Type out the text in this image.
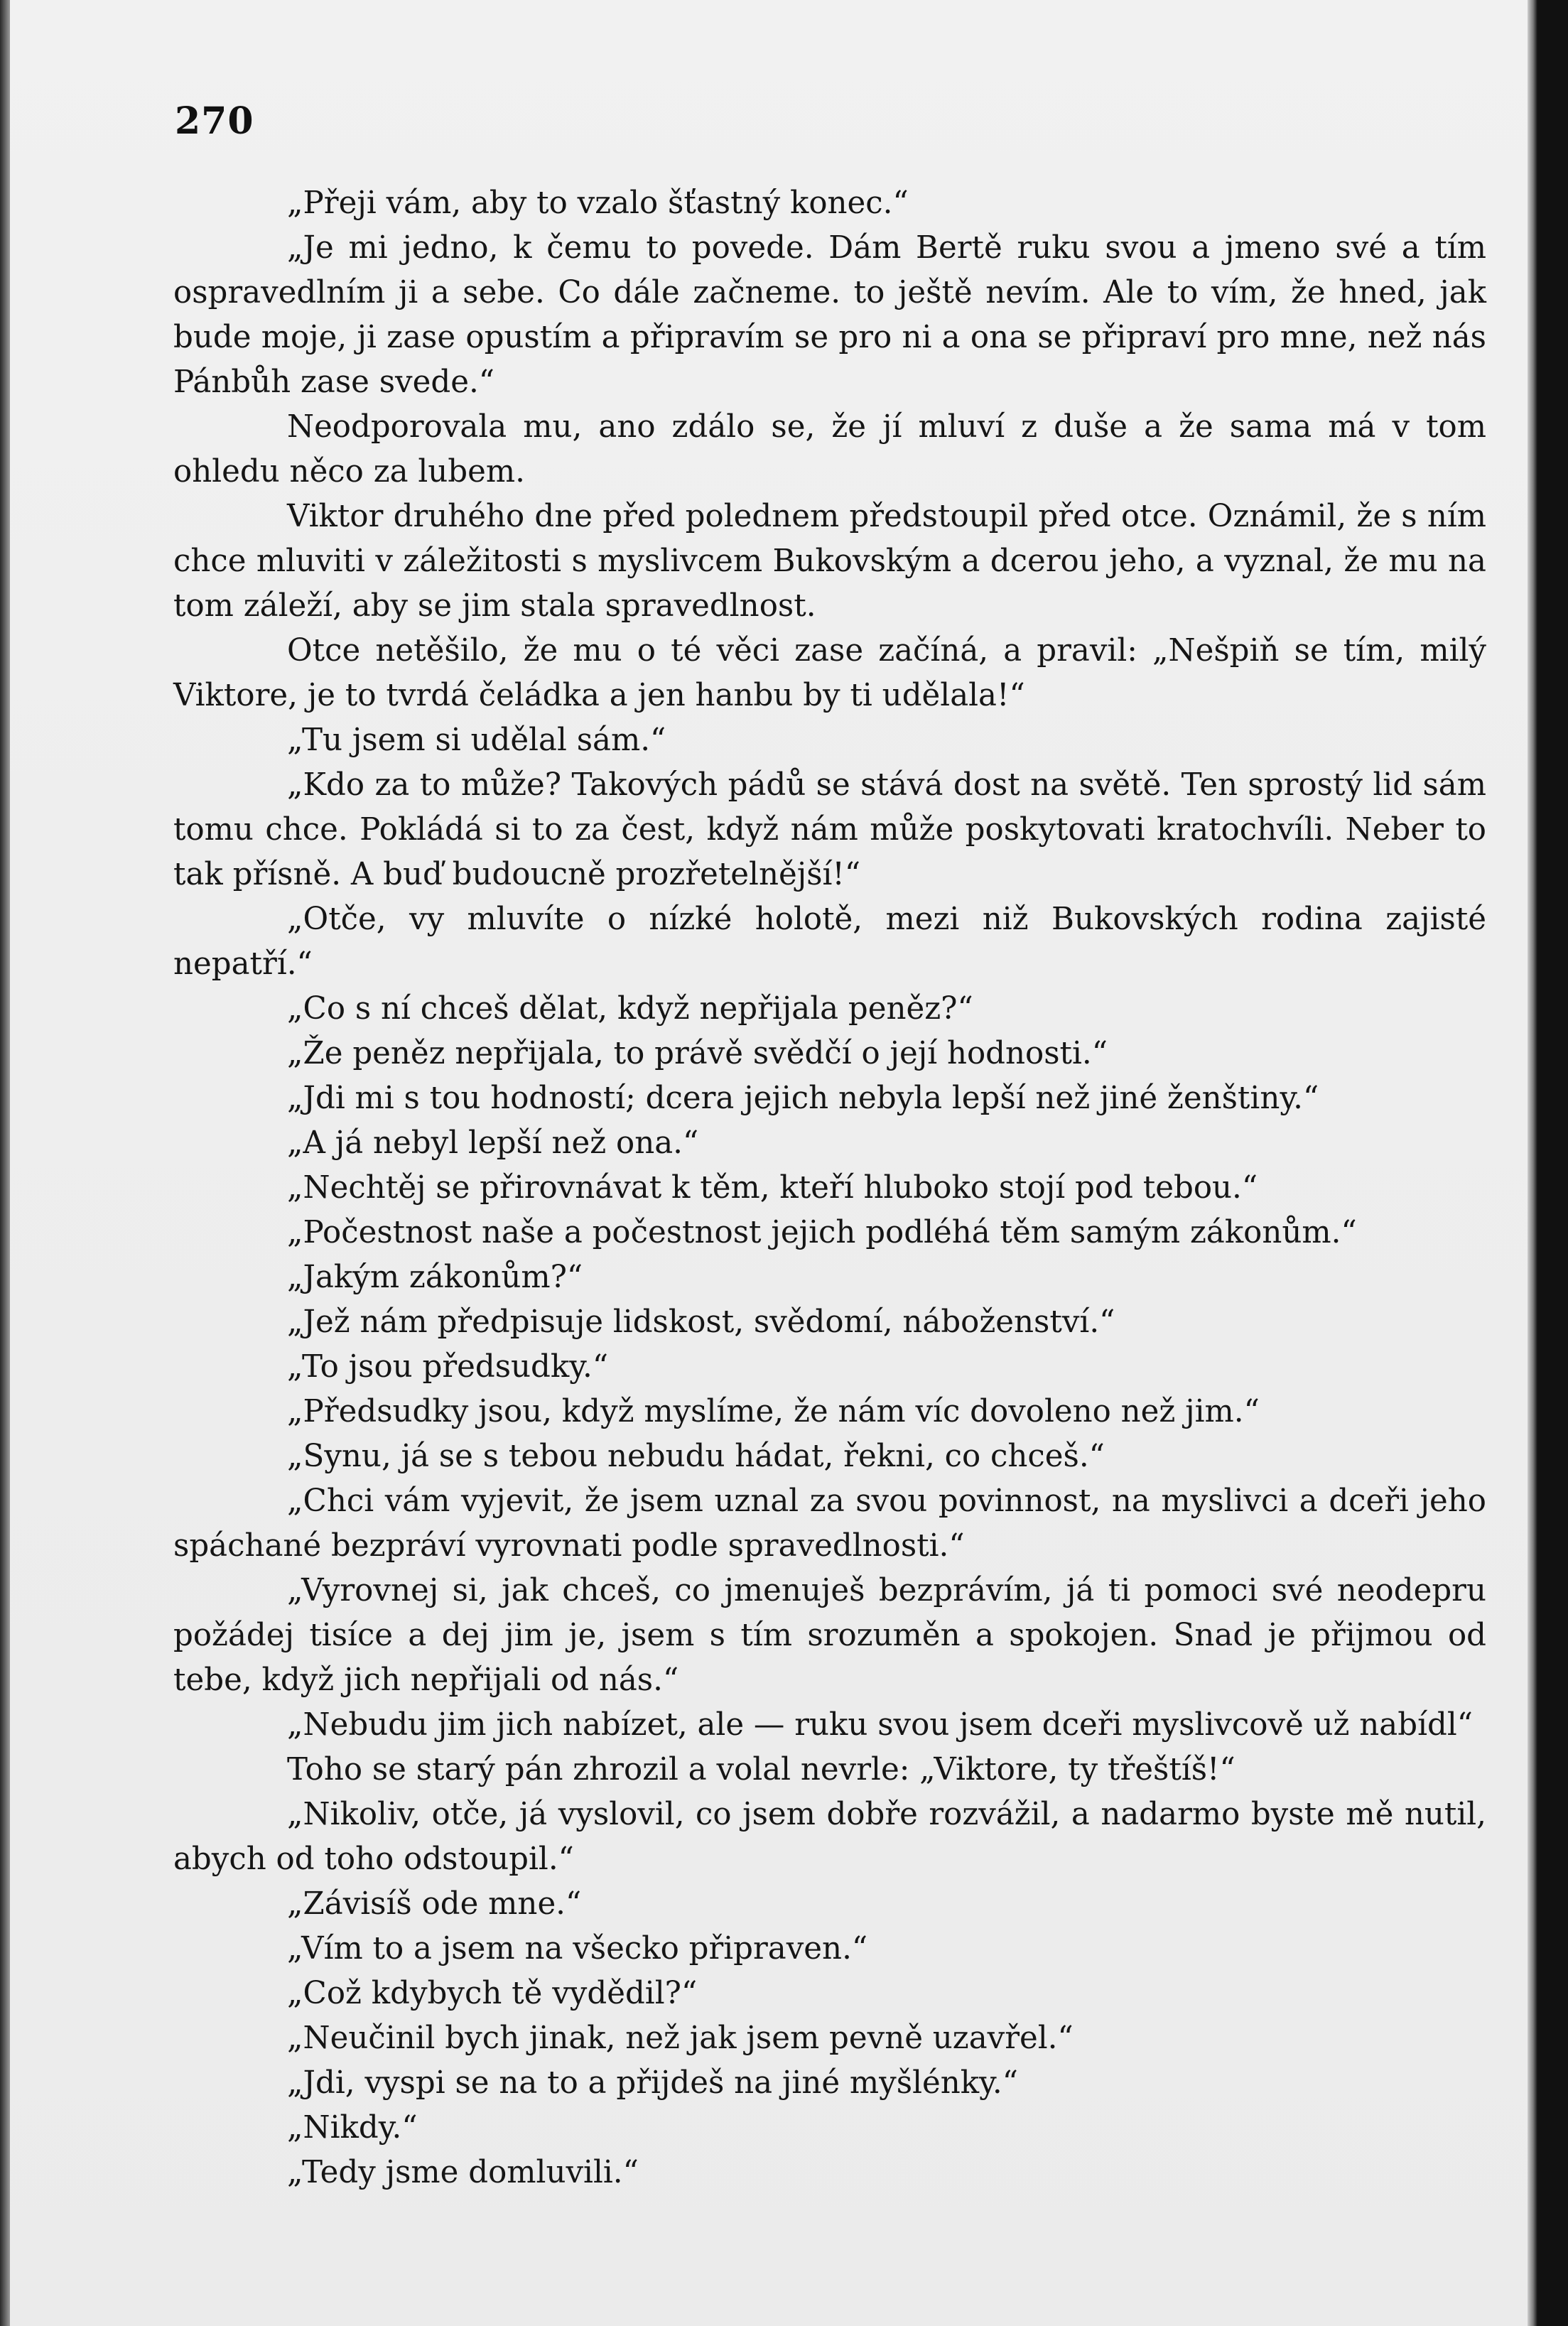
270

„Přeji vám, aby to vzalo šťastný konec.“

„Je mi jedno, k čemu to povede. Dám Bertě ruku svou a jmeno své a tím ospravedlním ji a sebe. Co dále začneme. to ještě nevím. Ale to vím, že hned, jak bude moje, ji zase opustím a připravím se pro ni a ona se připraví pro mne, než nás Pánbůh zase svede.“

Neodporovala mu, ano zdálo se, že jí mluví z duše a že sama má v tom ohledu něco za lubem.

Viktor druhého dne před polednem předstoupil před otce. Oznámil, že s ním chce mluviti v záležitosti s myslivcem Bukovským a dcerou jeho, a vyznal, že mu na tom záleží, aby se jim stala spravedlnost.

Otce netěšilo, že mu o té věci zase začíná, a pravil: „Nešpiň se tím, milý Viktore, je to tvrdá čeládka a jen hanbu by ti udělala!“

„Tu jsem si udělal sám.“

„Kdo za to může? Takových pádů se stává dost na světě. Ten sprostý lid sám tomu chce. Pokládá si to za čest, když nám může poskytovati kratochvíli. Neber to tak přísně. A buď budoucně prozřetelnější!“

„Otče, vy mluvíte o nízké holotě, mezi niž Bukovských rodina zajisté nepatří.“

„Co s ní chceš dělat, když nepřijala peněz?“

„Že peněz nepřijala, to právě svědčí o její hodnosti.“

„Jdi mi s tou hodností; dcera jejich nebyla lepší než jiné ženštiny.“

„A já nebyl lepší než ona.“

„Nechtěj se přirovnávat k těm, kteří hluboko stojí pod tebou.“

„Počestnost naše a počestnost jejich podléhá těm samým zákonům.“

„Jakým zákonům?“

„Jež nám předpisuje lidskost, svědomí, náboženství.“

„To jsou předsudky.“

„Předsudky jsou, když myslíme, že nám víc dovoleno než jim.“

„Synu, já se s tebou nebudu hádat, řekni, co chceš.“

„Chci vám vyjevit, že jsem uznal za svou povinnost, na myslivci a dceři jeho spáchané bezpráví vyrovnati podle spravedlnosti.“

„Vyrovnej si, jak chceš, co jmenuješ bezprávím, já ti pomoci své neodepru požádej tisíce a dej jim je, jsem s tím srozuměn a spokojen. Snad je přijmou od tebe, když jich nepřijali od nás.“

„Nebudu jim jich nabízet, ale — ruku svou jsem dceři myslivcově už nabídl“

Toho se starý pán zhrozil a volal nevrle: „Viktore, ty třeštíš!“

„Nikoliv, otče, já vyslovil, co jsem dobře rozvážil, a nadarmo byste mě nutil, abych od toho odstoupil.“

„Závisíš ode mne.“

„Vím to a jsem na všecko připraven.“

„Což kdybych tě vydědil?“

„Neučinil bych jinak, než jak jsem pevně uzavřel.“

„Jdi, vyspi se na to a přijdeš na jiné myšlénky.“

„Nikdy.“

„Tedy jsme domluvili.“
